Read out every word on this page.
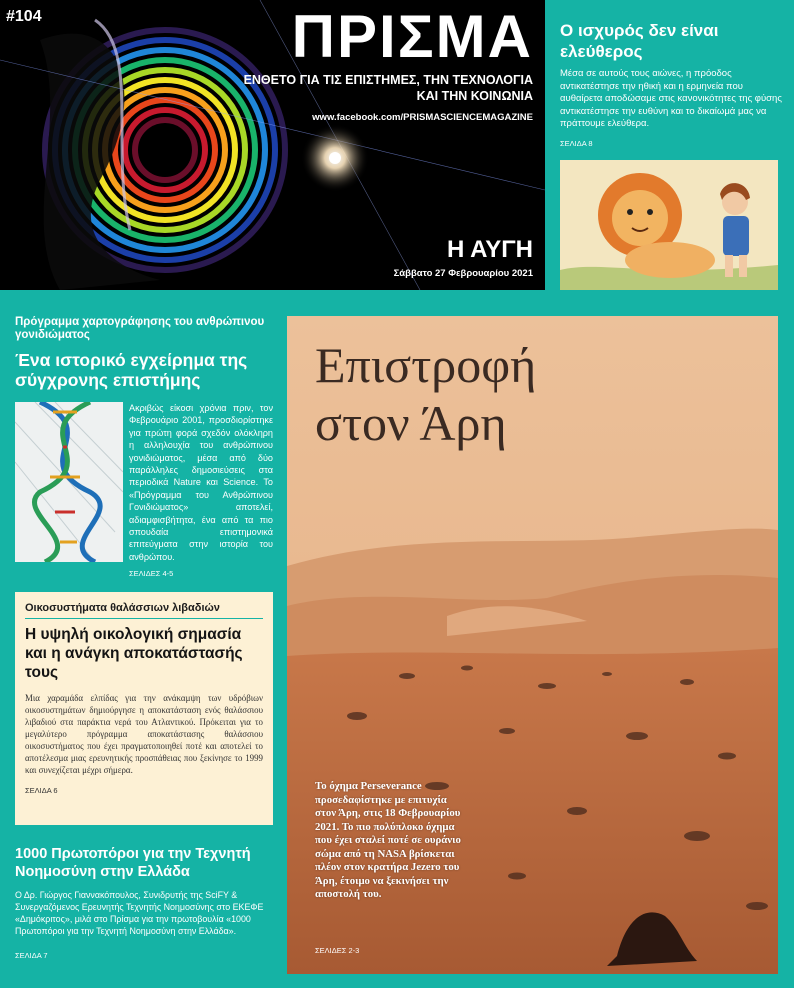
#104	ΠΡΙΣΜΑ
ΕΝΘΕΤΟ ΓΙΑ ΤΙΣ ΕΠΙΣΤΗΜΕΣ, ΤΗΝ ΤΕΧΝΟΛΟΓΙΑ ΚΑΙ ΤΗΝ ΚΟΙΝΩΝΙΑ
www.facebook.com/PRISMASCIENCEMAGAZINE
Η ΑΥΓΗ
Σάββατο 27 Φεβρουαρίου 2021
Ο ισχυρός δεν είναι ελεύθερος

Μέσα σε αυτούς τους αιώνες, η πρόοδος αντικατέστησε την ηθική και η ερμηνεία που αυθαίρετα αποδώσαμε στις κανονικότητες της φύσης αντικατέστησε την ευθύνη και το δικαίωμά μας να πράττουμε ελεύθερα.

ΣΕΛΙΔΑ 8
Πρόγραμμα χαρτογράφησης του ανθρώπινου γονιδιώματος
Ένα ιστορικό εγχείρημα της σύγχρονης επιστήμης
Ακριβώς είκοσι χρόνια πριν, τον Φεβρουάριο 2001, προσδιορίστηκε για πρώτη φορά σχεδόν ολόκληρη η αλληλουχία του ανθρώπινου γονιδιώματος, μέσα από δύο παράλληλες δημοσιεύσεις στα περιοδικά Nature και Science. Το «Πρόγραμμα του Ανθρώπινου Γονιδιώματος» αποτελεί, αδιαμφισβήτητα, ένα από τα πιο σπουδαία επιστημονικά επιτεύγματα στην ιστορία του ανθρώπου.
ΣΕΛΙΔΕΣ 4-5
Οικοσυστήματα θαλάσσιων λιβαδιών
Η υψηλή οικολογική σημασία και η ανάγκη αποκατάστασής τους

Μια χαραμάδα ελπίδας για την ανάκαμψη των υδρόβιων οικοσυστημάτων δημιούργησε η αποκατάσταση ενός θαλάσσιου λιβαδιού στα παράκτια νερά του Ατλαντικού. Πρόκειται για το μεγαλύτερο πρόγραμμα αποκατάστασης θαλάσσιου οικοσυστήματος που έχει πραγματοποιηθεί ποτέ και αποτελεί το αποτέλεσμα μιας ερευνητικής προσπάθειας που ξεκίνησε το 1999 και συνεχίζεται μέχρι σήμερα.

ΣΕΛΙΔΑ 6
1000 Πρωτοπόροι για την Τεχνητή Νοημοσύνη στην Ελλάδα

Ο Δρ. Γιώργος Γιαννακόπουλος, Συνιδρυτής της SciFY & Συνεργαζόμενος Ερευνητής Τεχνητής Νοημοσύνης στο ΕΚΕΦΕ «Δημόκριτος», μιλά στο Πρίσμα για την πρωτοβουλία «1000 Πρωτοπόροι για την Τεχνητή Νοημοσύνη στην Ελλάδα».

ΣΕΛΙΔΑ 7
Επιστροφή
στον Άρη
Το όχημα Perseverance προσεδαφίστηκε με επιτυχία στον Άρη, στις 18 Φεβρουαρίου 2021. Το πιο πολύπλοκο όχημα που έχει σταλεί ποτέ σε ουράνιο σώμα από τη NASA βρίσκεται πλέον στον κρατήρα Jezero του Άρη, έτοιμο να ξεκινήσει την αποστολή του.
ΣΕΛΙΔΕΣ 2-3
